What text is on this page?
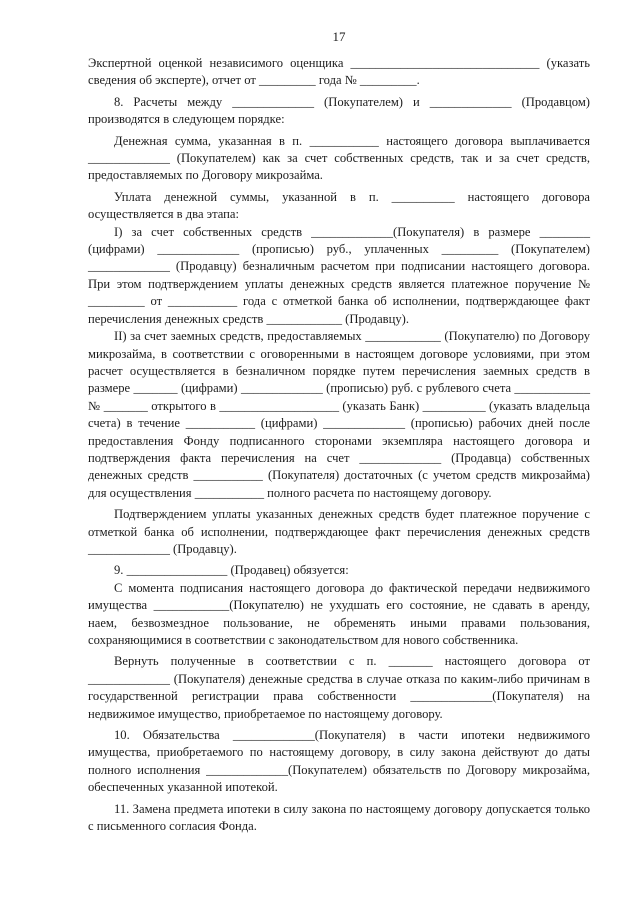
17

Экспертной оценкой независимого оценщика ______________________________ (указать сведения об эксперте), отчет от _________ года № _________.

8. Расчеты между _____________ (Покупателем) и _____________ (Продавцом) производятся в следующем порядке:

Денежная сумма, указанная в п. ___________ настоящего договора выплачивается _____________ (Покупателем) как за счет собственных средств, так и за счет средств, предоставляемых по Договору микрозайма.

Уплата денежной суммы, указанной в п. __________ настоящего договора осуществляется в два этапа:

I) за счет собственных средств _____________(Покупателя) в размере ________ (цифрами) _____________ (прописью) руб., уплаченных _________ (Покупателем) _____________ (Продавцу) безналичным расчетом при подписании настоящего договора. При этом подтверждением уплаты денежных средств является платежное поручение № _________ от ___________ года с отметкой банка об исполнении, подтверждающее факт перечисления денежных средств ____________ (Продавцу).

II) за счет заемных средств, предоставляемых ____________ (Покупателю) по Договору микрозайма, в соответствии с оговоренными в настоящем договоре условиями, при этом расчет осуществляется в безналичном порядке путем перечисления заемных средств в размере _______ (цифрами) _____________ (прописью) руб. с рублевого счета ____________ № _______ открытого в ___________________ (указать Банк) __________ (указать владельца счета) в течение ___________ (цифрами) _____________ (прописью) рабочих дней после предоставления Фонду подписанного сторонами экземпляра настоящего договора и подтверждения факта перечисления на счет _____________ (Продавца) собственных денежных средств ___________ (Покупателя) достаточных (с учетом средств микрозайма) для осуществления ___________ полного расчета по настоящему договору.

Подтверждением уплаты указанных денежных средств будет платежное поручение с отметкой банка об исполнении, подтверждающее факт перечисления денежных средств _____________ (Продавцу).

9. ________________ (Продавец) обязуется:

С момента подписания настоящего договора до фактической передачи недвижимого имущества ____________(Покупателю) не ухудшать его состояние, не сдавать в аренду, наем, безвозмездное пользование, не обременять иными правами пользования, сохраняющимися в соответствии с законодательством для нового собственника.

Вернуть полученные в соответствии с п. _______ настоящего договора от _____________ (Покупателя) денежные средства в случае отказа по каким-либо причинам в государственной регистрации права собственности _____________(Покупателя) на недвижимое имущество, приобретаемое по настоящему договору.

10. Обязательства _____________(Покупателя) в части ипотеки недвижимого имущества, приобретаемого по настоящему договору, в силу закона действуют до даты полного исполнения _____________(Покупателем) обязательств по Договору микрозайма, обеспеченных указанной ипотекой.

11. Замена предмета ипотеки в силу закона по настоящему договору допускается только с письменного согласия Фонда.
